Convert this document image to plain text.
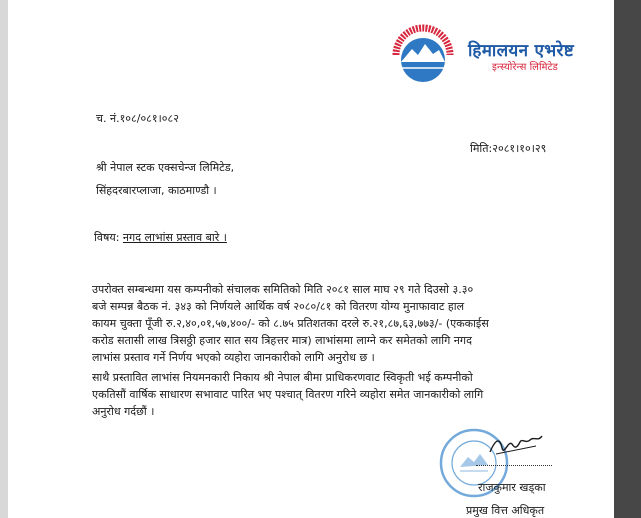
हिमालयन एभरेष्ट
इन्स्योरेन्स लिमिटेड
च. नं.१०८/०८१।०८२
मिति:२०८१।१०।२९
श्री नेपाल स्टक एक्सचेन्ज लिमिटेड,
सिंहदरबारप्लाजा, काठमाण्डौ ।
विषय: नगद लाभांस प्रस्ताव बारे ।
उपरोक्त सम्बन्धमा यस कम्पनीको संचालक समितिको मिति २०८१ साल माघ २९ गते दिउसो ३.३०
बजे सम्पन्न बैठक नं. ३४३ को निर्णयले आर्थिक वर्ष २०८०/८१ को वितरण योग्य मुनाफावाट हाल
कायम चुक्ता पूँजी रु.२,४०,०१,५७,४००/- को ८.७५ प्रतिशतका दरले रु.२१,८७,६३,७७३/- (एककाईस
करोड सतासी लाख त्रिसठ्ठी हजार सात सय त्रिहत्तर मात्र) लाभांसमा लाग्ने कर समेतको लागि नगद
लाभांस प्रस्ताव गर्ने निर्णय भएको व्यहोरा जानकारीको लागि अनुरोध छ ।
साथै प्रस्तावित लाभांस नियमनकारी निकाय श्री नेपाल बीमा प्राधिकरणवाट स्विकृती भई कम्पनीको
एकतिसौं वार्षिक साधारण सभावाट पारित भए पश्चात् वितरण गरिने व्यहोरा समेत जानकारीको लागि
अनुरोध गर्दछौं ।
राजकुमार खड्का
प्रमुख वित्त अधिकृत
